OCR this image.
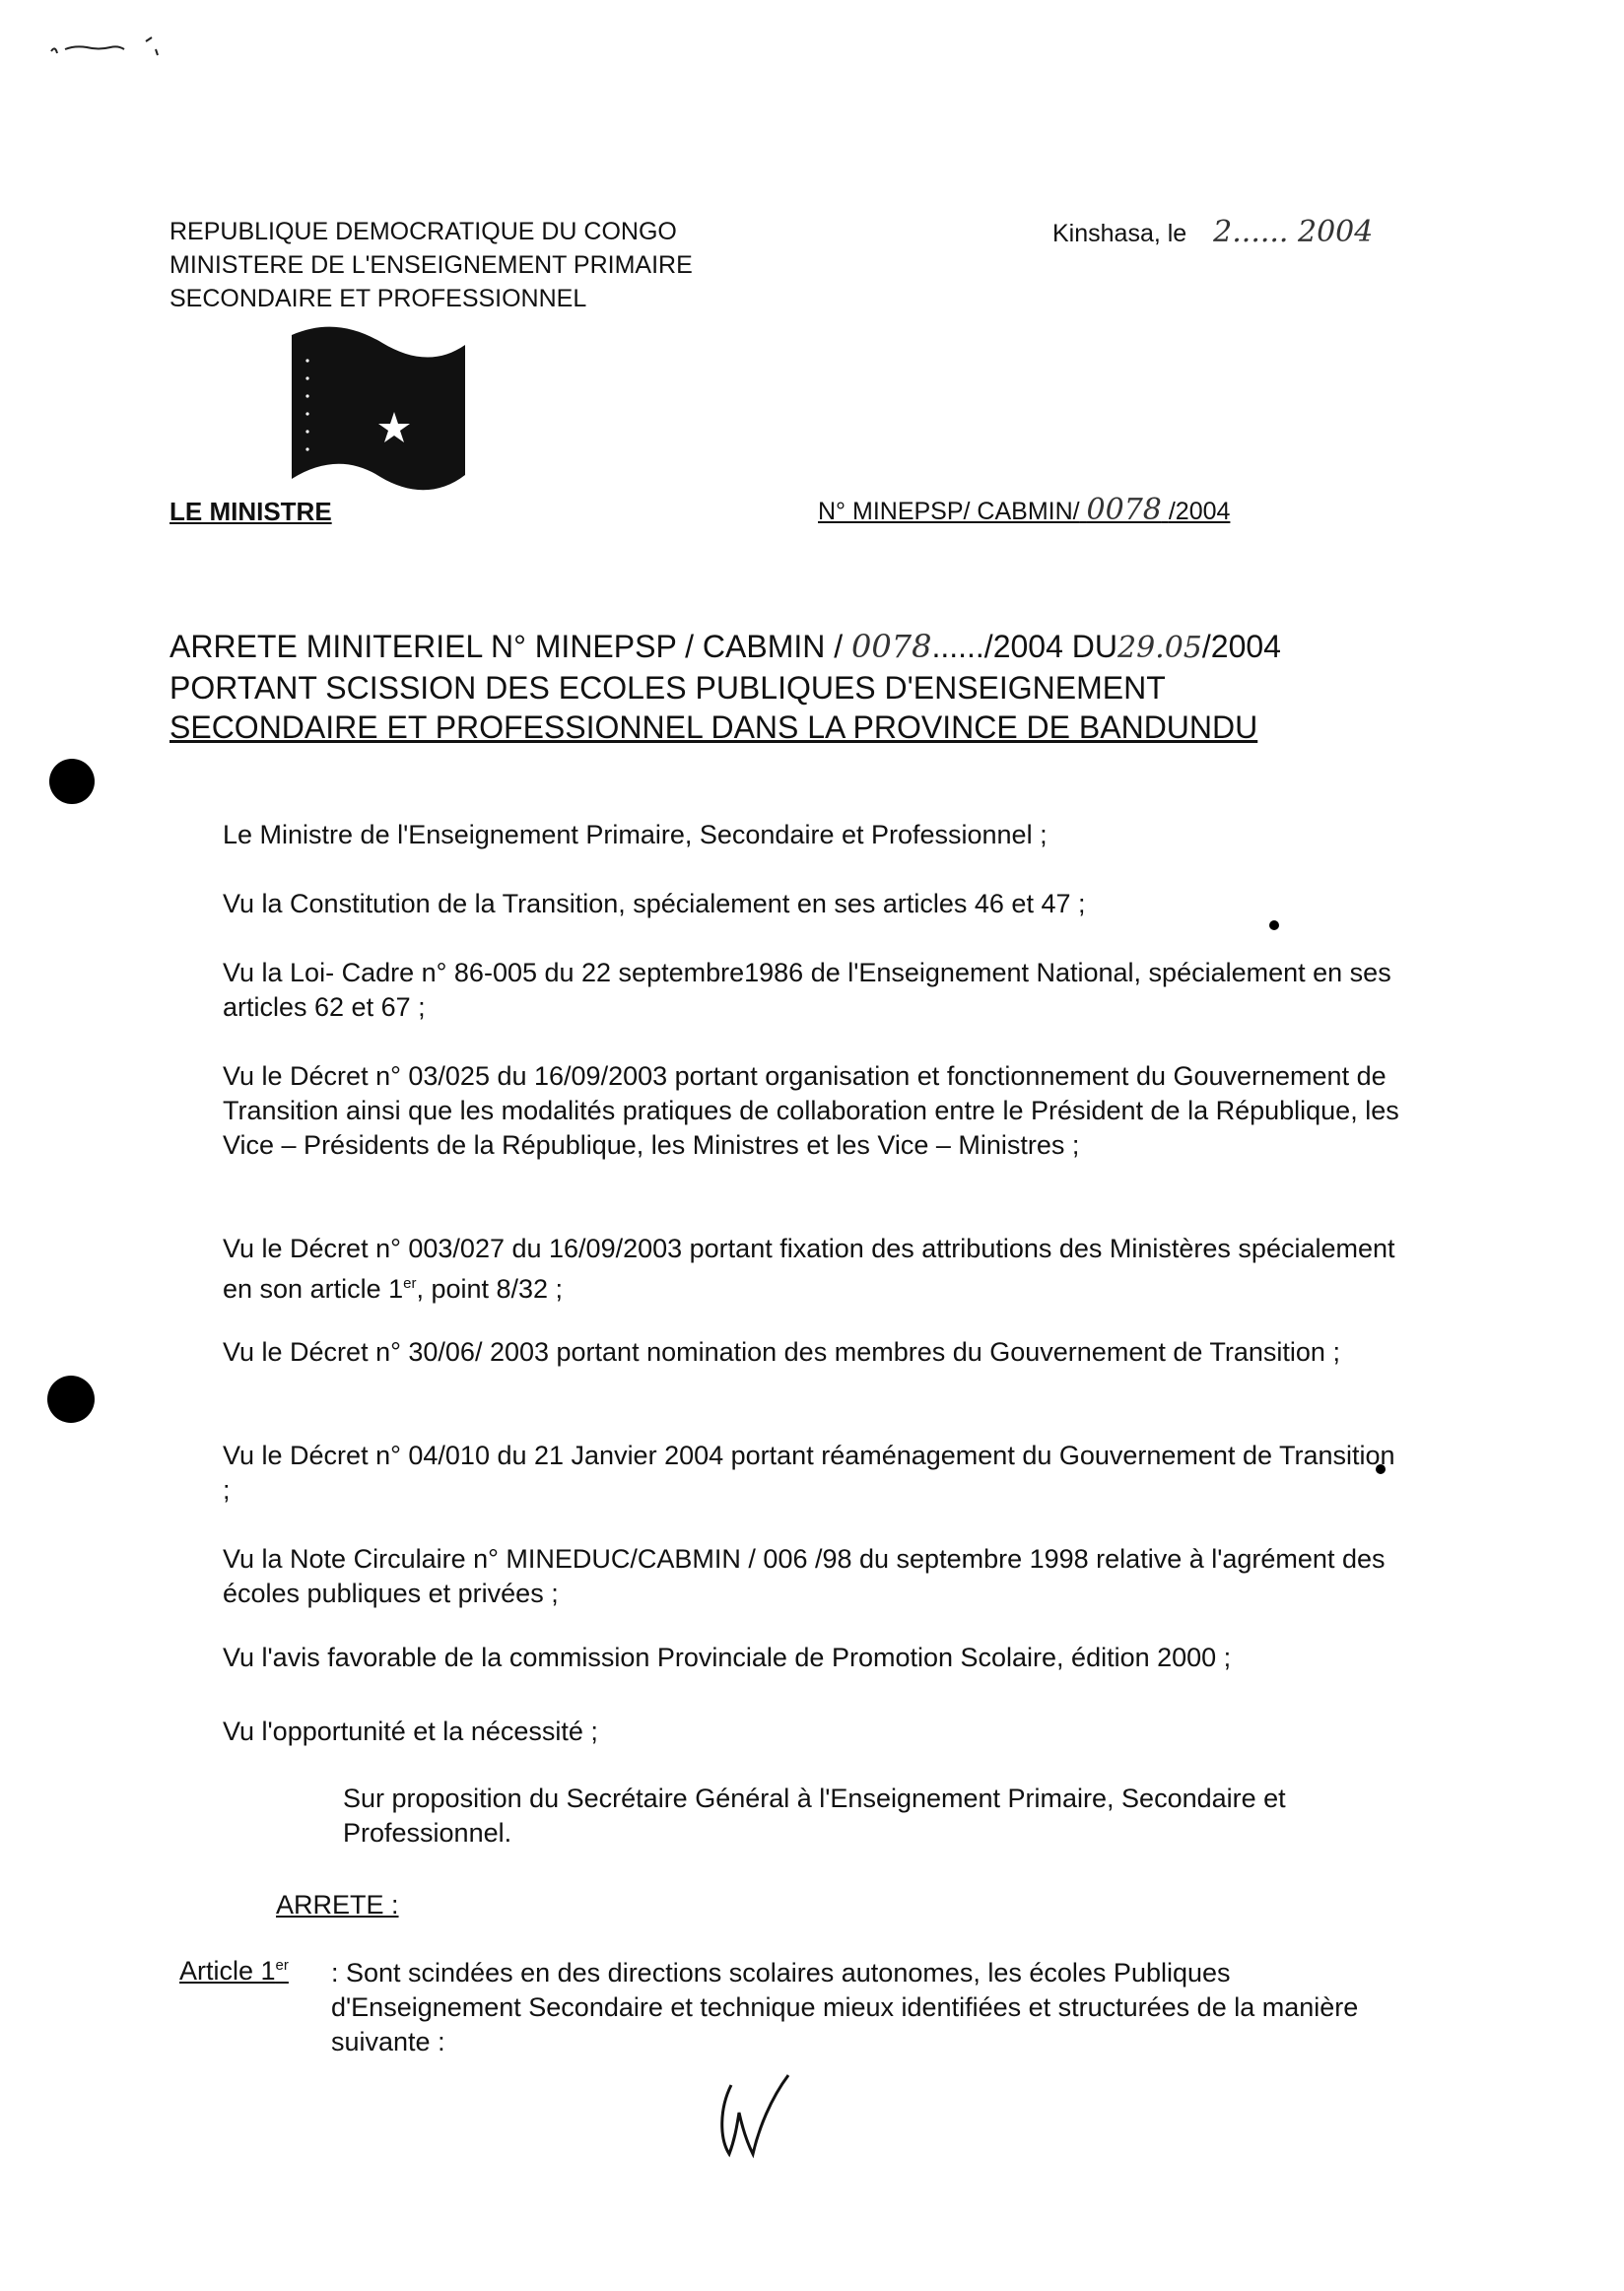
REPUBLIQUE DEMOCRATIQUE DU CONGO
MINISTERE DE L'ENSEIGNEMENT PRIMAIRE
SECONDAIRE ET PROFESSIONNEL
Kinshasa, le 2...... 2004
LE MINISTRE	N° MINEPSP/ CABMIN/ 0078 /2004
ARRETE MINITERIEL N° MINEPSP / CABMIN / 0078....../2004 DU29.05/2004
PORTANT SCISSION DES ECOLES PUBLIQUES D'ENSEIGNEMENT
SECONDAIRE ET PROFESSIONNEL DANS LA PROVINCE DE BANDUNDU
Le Ministre de l'Enseignement Primaire, Secondaire et Professionnel ;
Vu la Constitution de la Transition, spécialement en ses articles 46 et 47 ;
Vu la Loi- Cadre n° 86-005 du 22 septembre1986 de l'Enseignement National, spécialement en ses articles 62 et 67 ;
Vu le Décret n° 03/025 du 16/09/2003 portant organisation et fonctionnement du Gouvernement de Transition ainsi que les modalités pratiques de collaboration entre le Président de la République, les Vice – Présidents de la République, les Ministres et les Vice – Ministres ;
Vu le Décret n° 003/027 du 16/09/2003 portant fixation des attributions des Ministères spécialement en son article 1er, point 8/32 ;
Vu le Décret n° 30/06/ 2003 portant nomination des membres du Gouvernement de Transition ;
Vu le Décret n° 04/010 du 21 Janvier 2004 portant réaménagement du Gouvernement de Transition ;
Vu la Note Circulaire n° MINEDUC/CABMIN / 006 /98 du septembre 1998 relative à l'agrément des écoles publiques et privées ;
Vu l'avis favorable de la commission Provinciale de Promotion Scolaire, édition 2000 ;
Vu l'opportunité et la nécessité ;
Sur proposition du Secrétaire Général à l'Enseignement Primaire, Secondaire et Professionnel.
ARRETE :
Article 1er : Sont scindées en des directions scolaires autonomes, les écoles Publiques d'Enseignement Secondaire et technique mieux identifiées et structurées de la manière suivante :
